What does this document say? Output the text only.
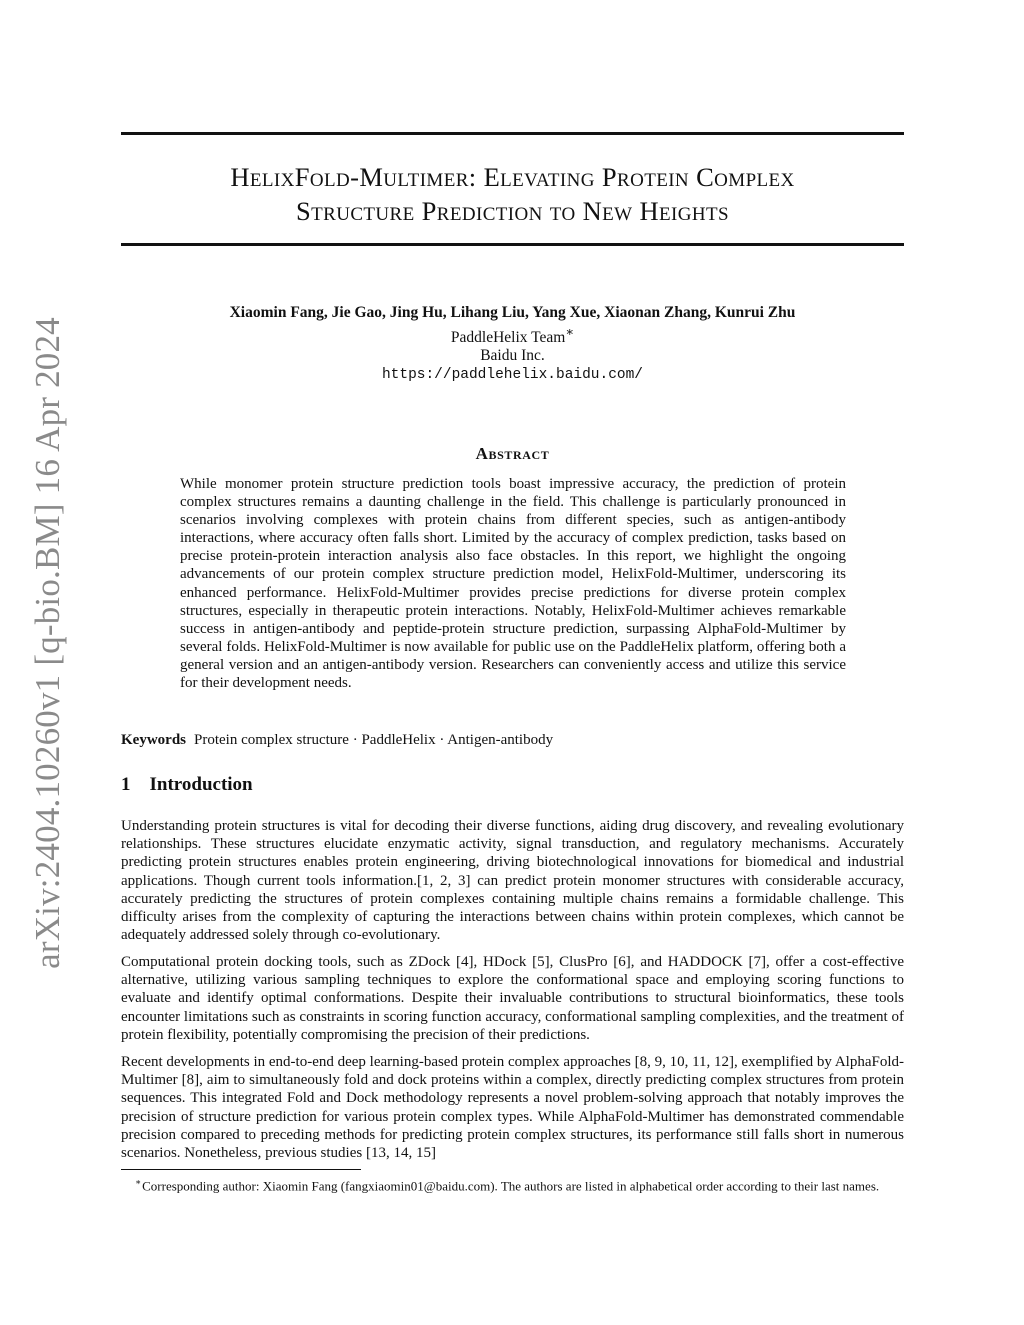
arXiv:2404.10260v1 [q-bio.BM] 16 Apr 2024
HelixFold-Multimer: Elevating Protein Complex
Structure Prediction to New Heights
Xiaomin Fang, Jie Gao, Jing Hu, Lihang Liu, Yang Xue, Xiaonan Zhang, Kunrui Zhu
PaddleHelix Team∗
Baidu Inc.
https://paddlehelix.baidu.com/
Abstract

While monomer protein structure prediction tools boast impressive accuracy, the prediction of protein complex structures remains a daunting challenge in the field. This challenge is particularly pronounced in scenarios involving complexes with protein chains from different species, such as antigen-antibody interactions, where accuracy often falls short. Limited by the accuracy of complex prediction, tasks based on precise protein-protein interaction analysis also face obstacles. In this report, we highlight the ongoing advancements of our protein complex structure prediction model, HelixFold-Multimer, underscoring its enhanced performance. HelixFold-Multimer provides precise predictions for diverse protein complex structures, especially in therapeutic protein interactions. Notably, HelixFold-Multimer achieves remarkable success in antigen-antibody and peptide-protein structure prediction, surpassing AlphaFold-Multimer by several folds. HelixFold-Multimer is now available for public use on the PaddleHelix platform, offering both a general version and an antigen-antibody version. Researchers can conveniently access and utilize this service for their development needs.

Keywords Protein complex structure · PaddleHelix · Antigen-antibody
1 Introduction

Understanding protein structures is vital for decoding their diverse functions, aiding drug discovery, and revealing evolutionary relationships. These structures elucidate enzymatic activity, signal transduction, and regulatory mechanisms. Accurately predicting protein structures enables protein engineering, driving biotechnological innovations for biomedical and industrial applications. Though current tools information.[1, 2, 3] can predict protein monomer structures with considerable accuracy, accurately predicting the structures of protein complexes containing multiple chains remains a formidable challenge. This difficulty arises from the complexity of capturing the interactions between chains within protein complexes, which cannot be adequately addressed solely through co-evolutionary.

Computational protein docking tools, such as ZDock [4], HDock [5], ClusPro [6], and HADDOCK [7], offer a cost-effective alternative, utilizing various sampling techniques to explore the conformational space and employing scoring functions to evaluate and identify optimal conformations. Despite their invaluable contributions to structural bioinformatics, these tools encounter limitations such as constraints in scoring function accuracy, conformational sampling complexities, and the treatment of protein flexibility, potentially compromising the precision of their predictions.

Recent developments in end-to-end deep learning-based protein complex approaches [8, 9, 10, 11, 12], exemplified by AlphaFold-Multimer [8], aim to simultaneously fold and dock proteins within a complex, directly predicting complex structures from protein sequences. This integrated Fold and Dock methodology represents a novel problem-solving approach that notably improves the precision of structure prediction for various protein complex types. While AlphaFold-Multimer has demonstrated commendable precision compared to preceding methods for predicting protein complex structures, its performance still falls short in numerous scenarios. Nonetheless, previous studies [13, 14, 15]

∗Corresponding author: Xiaomin Fang (fangxiaomin01@baidu.com). The authors are listed in alphabetical order according to their last names.
